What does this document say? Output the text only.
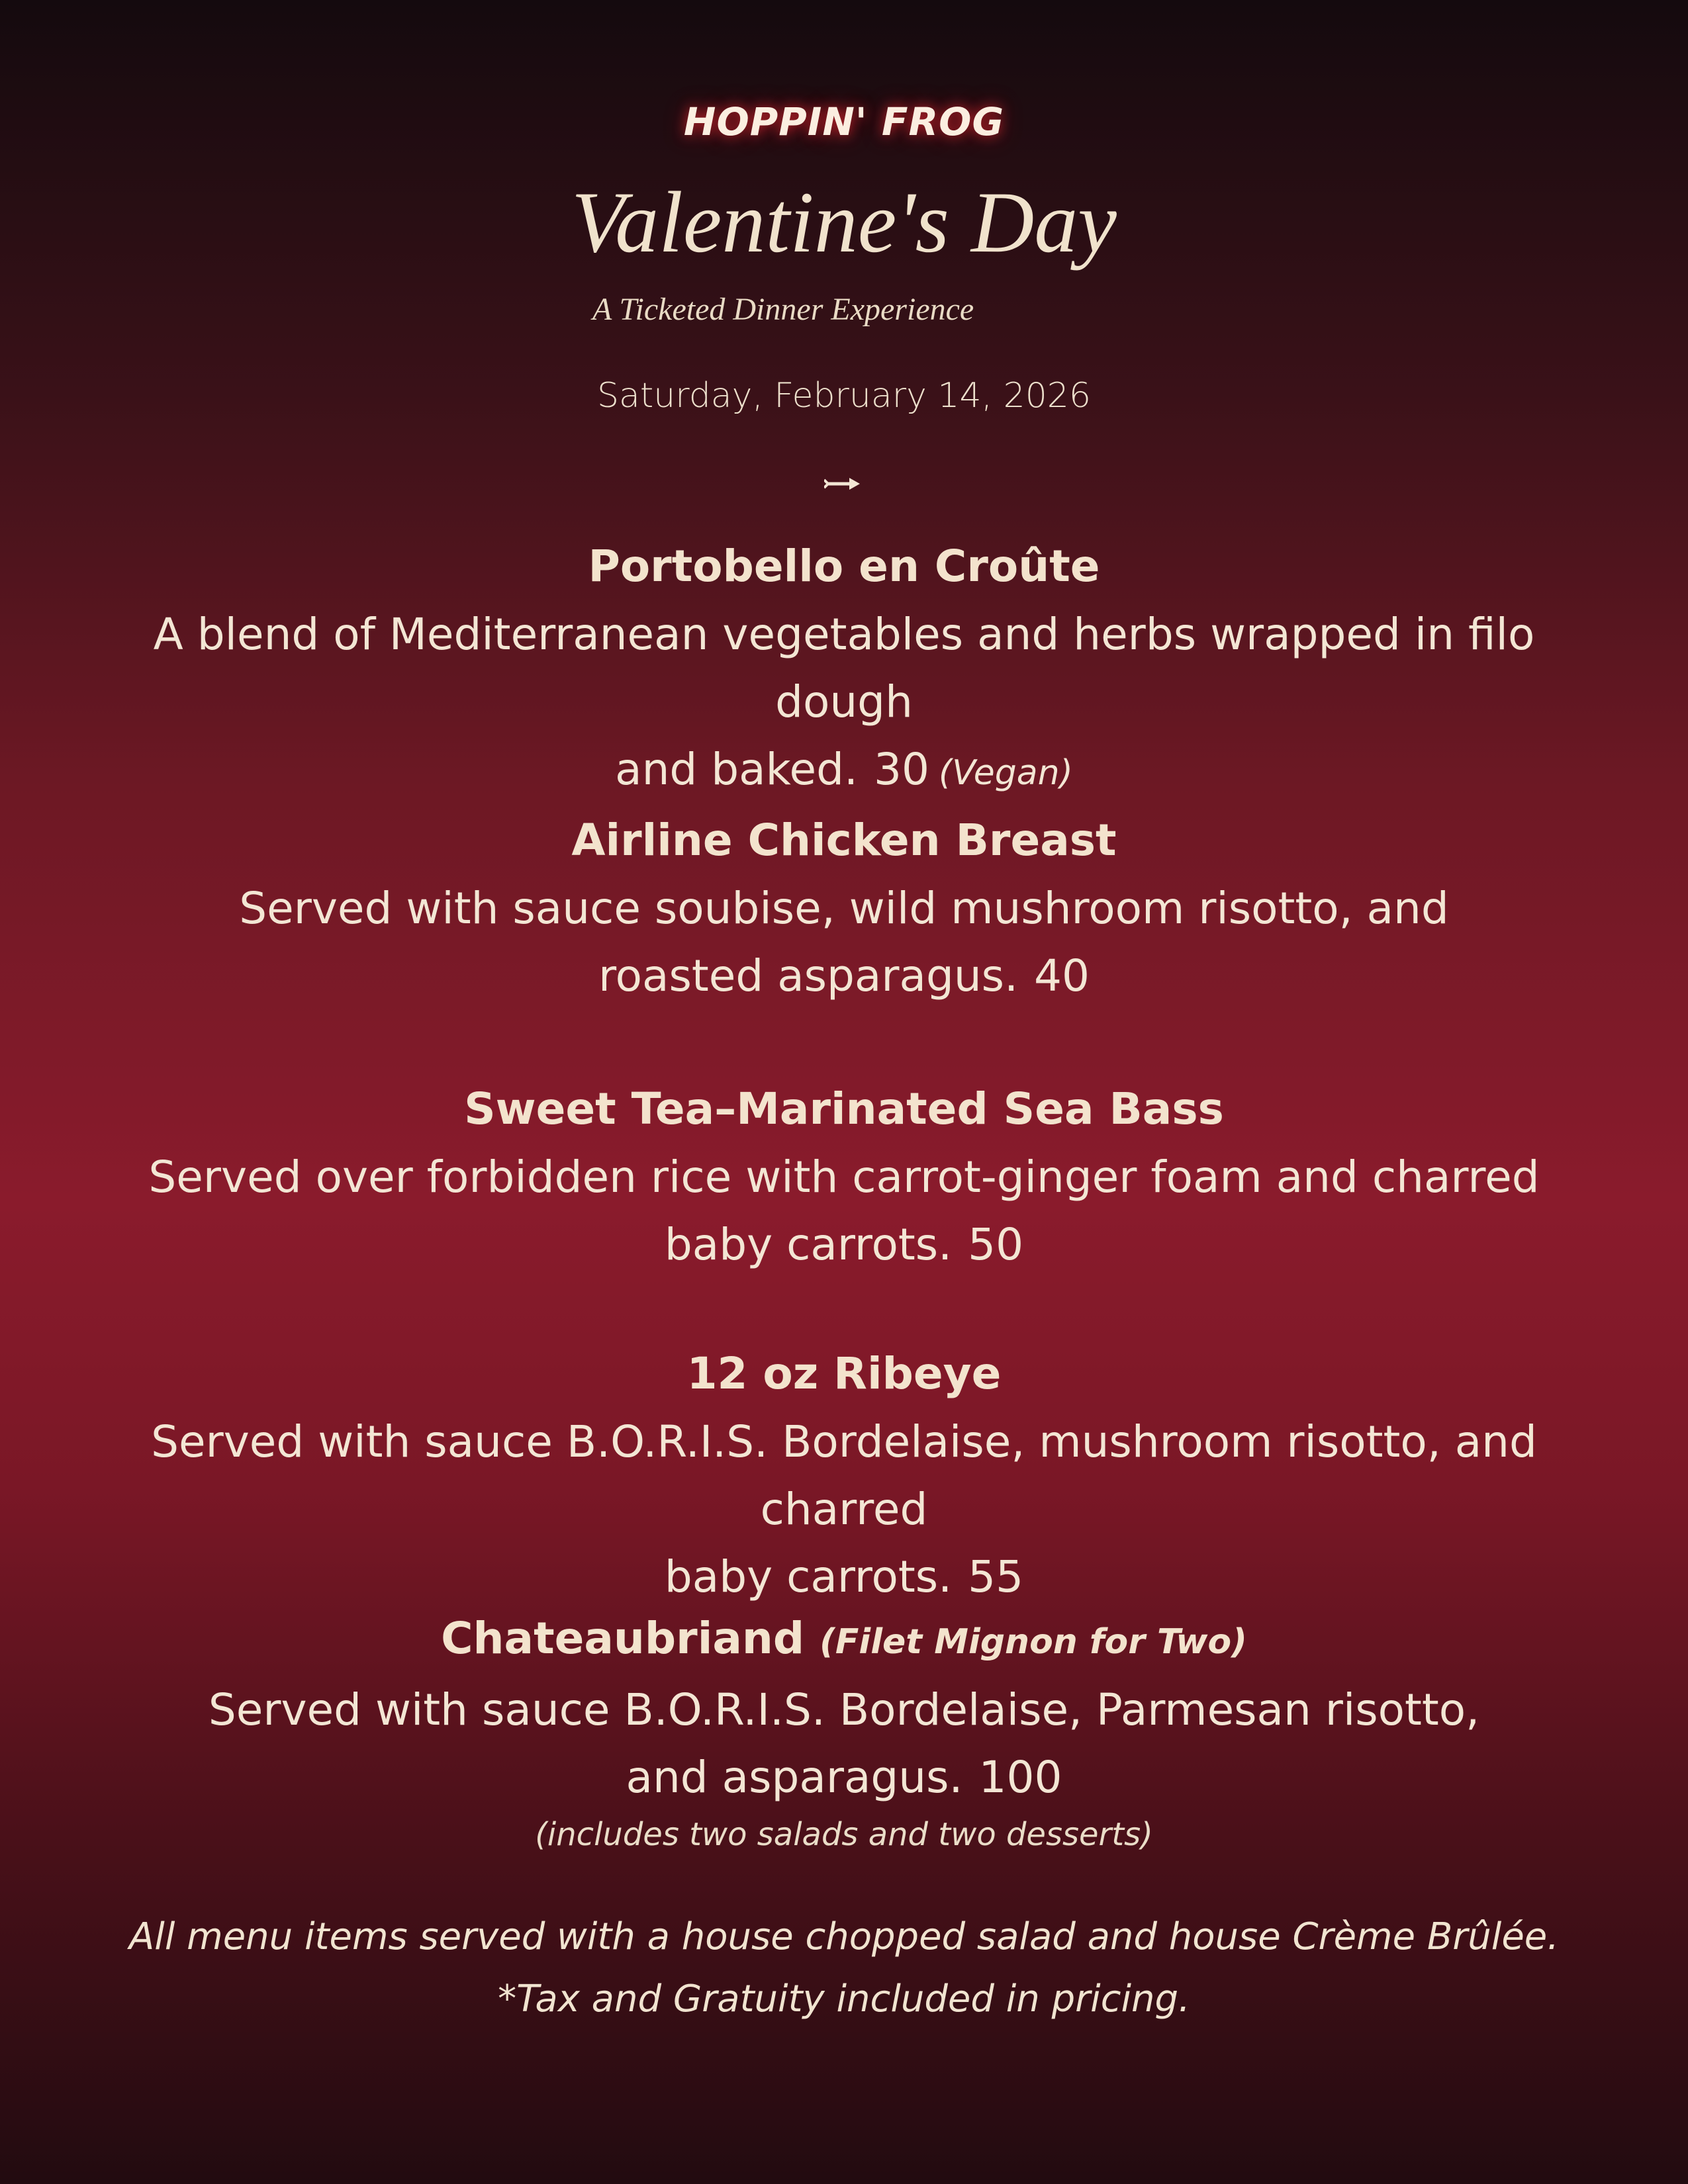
HOPPIN' FROG
Valentine's Day
A Ticketed Dinner Experience
Saturday, February 14, 2026
Portobello en Croûte
A blend of Mediterranean vegetables and herbs wrapped in filo dough
and baked. 30 (Vegan)
Airline Chicken Breast
Served with sauce soubise, wild mushroom risotto, and
roasted asparagus. 40
Sweet Tea–Marinated Sea Bass
Served over forbidden rice with carrot-ginger foam and charred
baby carrots. 50
12 oz Ribeye
Served with sauce B.O.R.I.S. Bordelaise, mushroom risotto, and charred
baby carrots. 55
Chateaubriand (Filet Mignon for Two)
Served with sauce B.O.R.I.S. Bordelaise, Parmesan risotto,
and asparagus. 100
(includes two salads and two desserts)
All menu items served with a house chopped salad and house Crème Brûlée.
*Tax and Gratuity included in pricing.
